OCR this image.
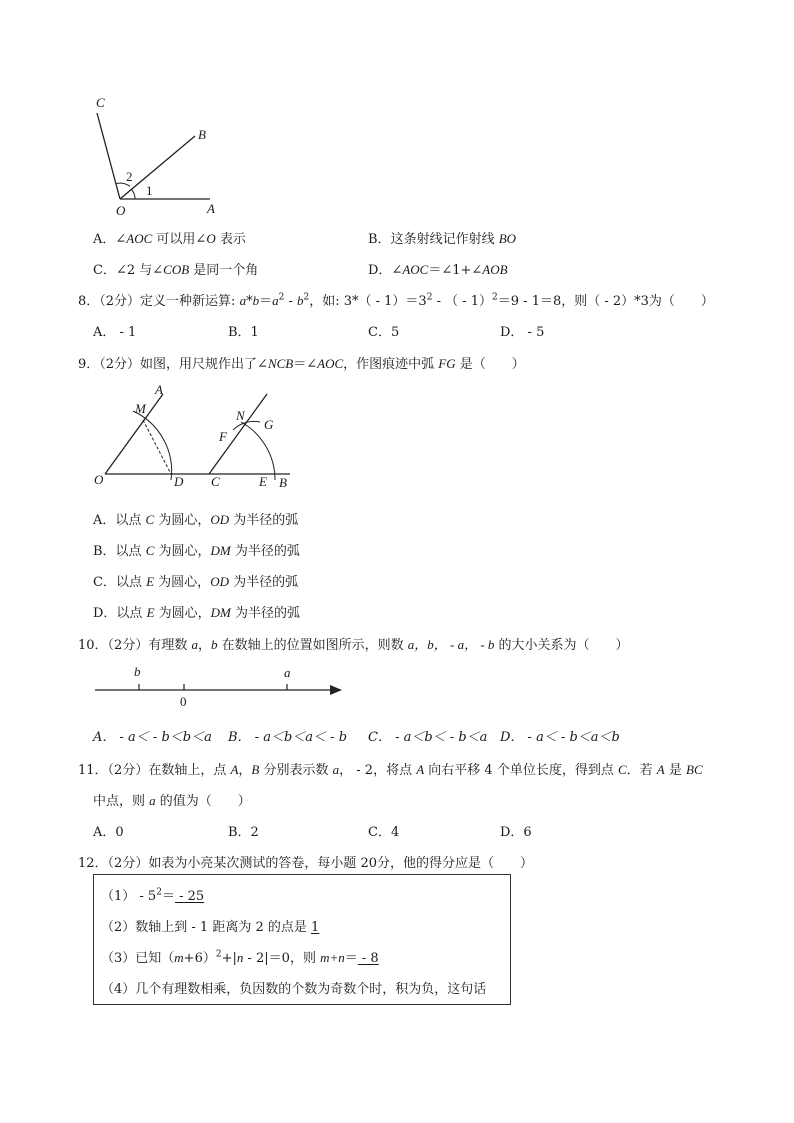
C
B
2
1
O	A
A．∠AOC 可以用∠O 表示	B．这条射线记作射线 BO
C．∠2 与∠COB 是同一个角	D．∠AOC＝∠1+∠AOB
8．（2分）定义一种新运算: $a*b=a^2 - b^2$，如: $3*( - 1)=3^2$ - （ - 1）$^2$＝9 - 1＝8，则（ - 2）*3为（　　）
A． - 1	B．1	C．5	D． - 5
9．（2分）如图，用尺规作出了∠NCB＝∠AOC，作图痕迹中弧 FG 是（　　）
A
M	N
G
F
O	D C	E B
A．以点 C 为圆心，OD 为半径的弧
B．以点 C 为圆心，DM 为半径的弧
C．以点 E 为圆心，OD 为半径的弧
D．以点 E 为圆心，DM 为半径的弧
10．（2分）有理数 a，b 在数轴上的位置如图所示，则数 a，b， - a， - b 的大小关系为（　　）
b
0
a
A． - a＜ - b＜b＜a B． - a＜b＜a＜ - b C． - a＜b＜ - b＜a D． - a＜ - b＜a＜b
11．（2分）在数轴上，点 A，B 分别表示数 a， - 2，将点 A 向右平移 4 个单位长度，得到点 C．若 A 是 BC
中点，则 a 的值为（　　）
A．0	B．2	C．4	D．6
12．（2分）如表为小亮某次测试的答卷，每小题 20分，他的得分应是（　　）
$(1) - 5^2= - 25$
（2）数轴上到 - 1 距离为 2 的点是 1
（3）已知$(m+6)^2+|n - 2|=0$，则 m+n＝ - 8
（4）几个有理数相乘，负因数的个数为奇数个时，积为负，这句话
